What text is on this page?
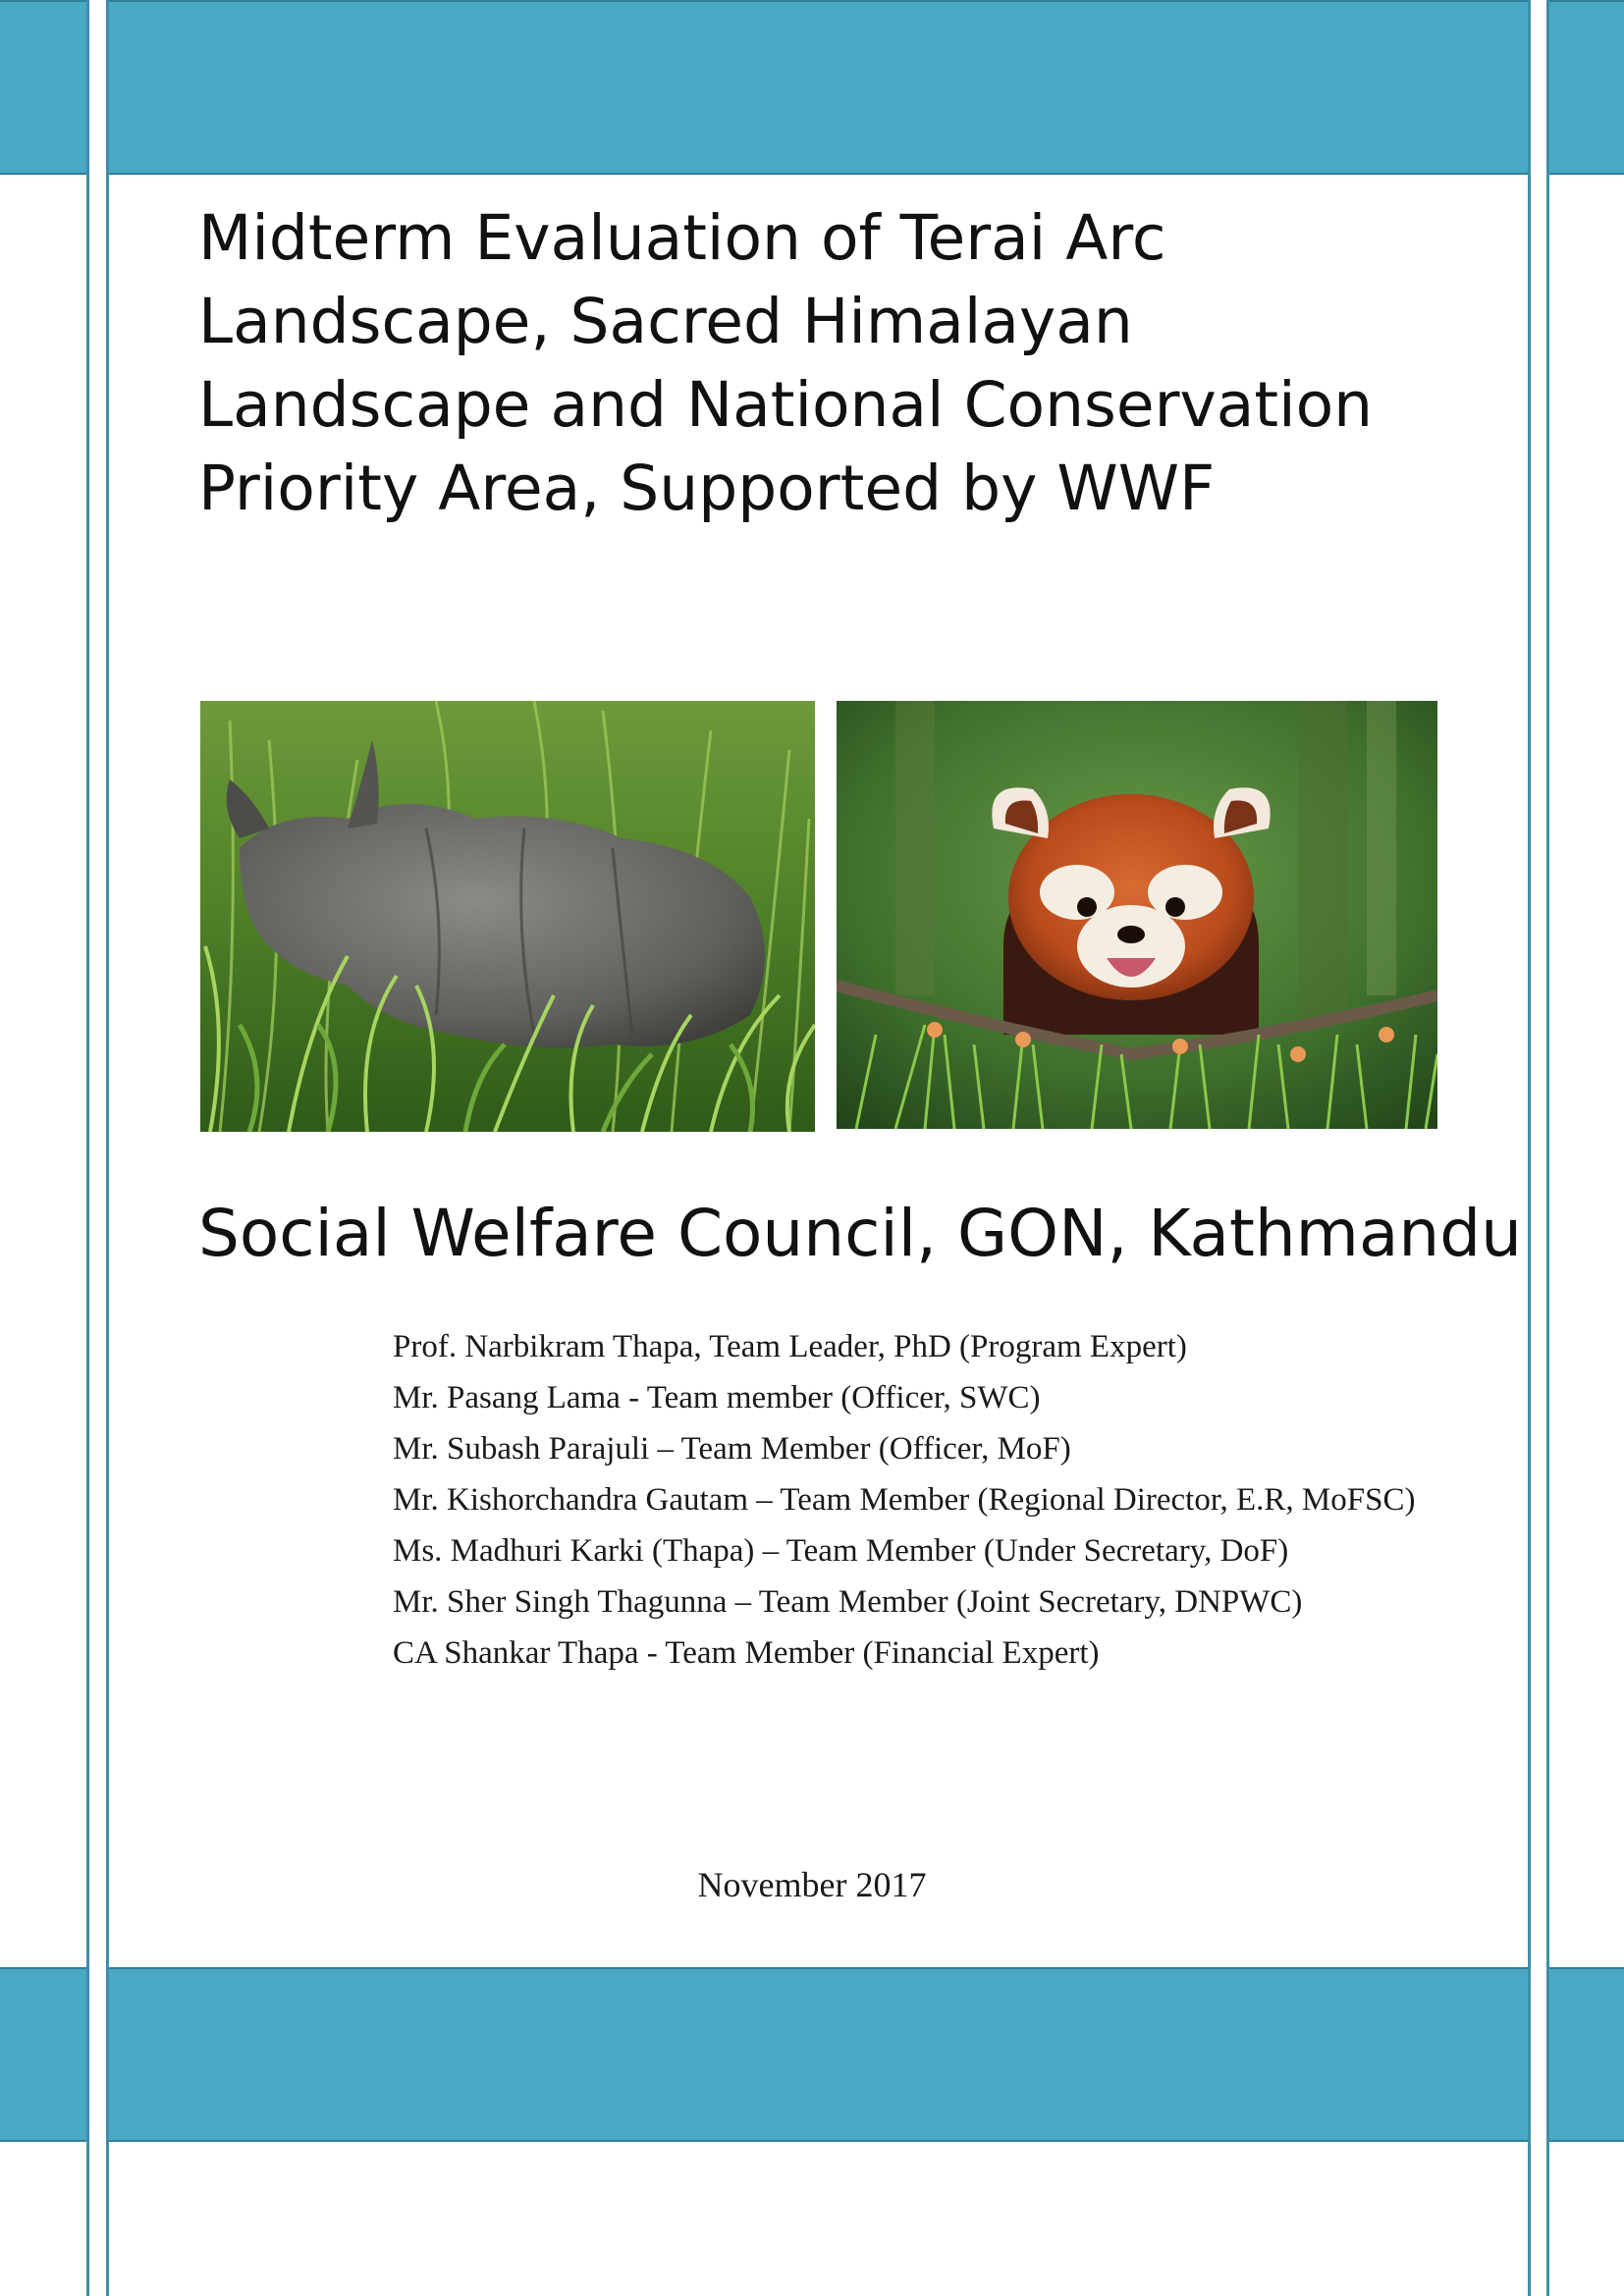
Midterm Evaluation of Terai Arc Landscape, Sacred Himalayan Landscape and National Conservation Priority Area, Supported by WWF
Social Welfare Council, GON, Kathmandu
Prof. Narbikram Thapa, Team Leader, PhD (Program Expert)
Mr. Pasang Lama - Team member (Officer, SWC)
Mr. Subash Parajuli – Team Member (Officer, MoF)
Mr. Kishorchandra Gautam – Team Member (Regional Director, E.R, MoFSC)
Ms. Madhuri Karki (Thapa) – Team Member (Under Secretary, DoF)
Mr. Sher Singh Thagunna – Team Member (Joint Secretary, DNPWC)
CA Shankar Thapa - Team Member (Financial Expert)
November 2017
